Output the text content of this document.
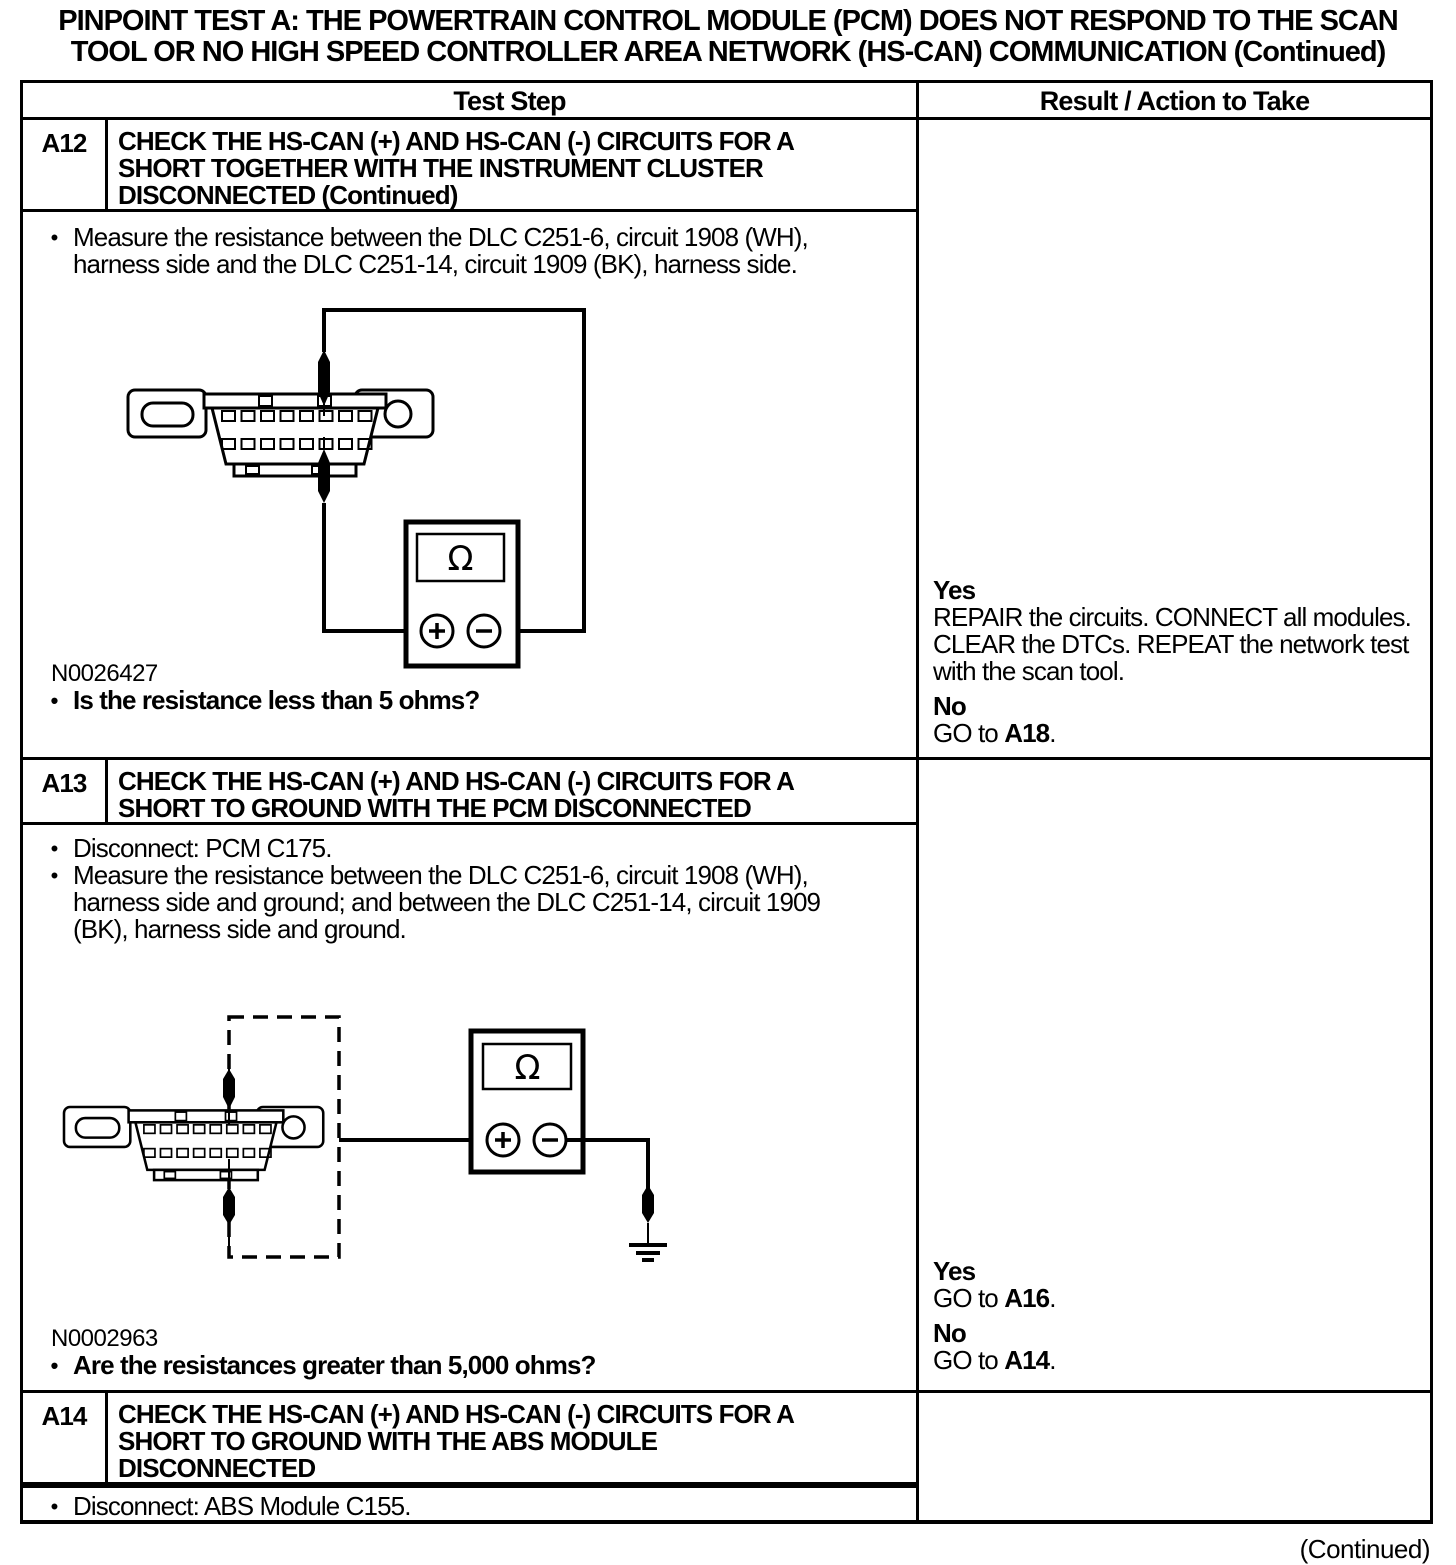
PINPOINT TEST A: THE POWERTRAIN CONTROL MODULE (PCM) DOES NOT RESPOND TO THE SCAN
TOOL OR NO HIGH SPEED CONTROLLER AREA NETWORK (HS-CAN) COMMUNICATION (Continued)
Test Step		Result / Action to Take
A12	CHECK THE HS-CAN (+) AND HS-CAN (-) CIRCUITS FOR A SHORT TOGETHER WITH THE INSTRUMENT CLUSTER DISCONNECTED (Continued)	Yes
REPAIR the circuits. CONNECT all modules. CLEAR the DTCs. REPEAT the network test with the scan tool.
No
GO to A18.

• Measure the resistance between the DLC C251-6, circuit 1908 (WH), harness side and the DLC C251-14, circuit 1909 (BK), harness side.
Ω
N0026427
• Is the resistance less than 5 ohms?

A13	CHECK THE HS-CAN (+) AND HS-CAN (-) CIRCUITS FOR A SHORT TO GROUND WITH THE PCM DISCONNECTED	Yes
GO to A16.
No
GO to A14.

• Disconnect: PCM C175.
• Measure the resistance between the DLC C251-6, circuit 1908 (WH), harness side and ground; and between the DLC C251-14, circuit 1909 (BK), harness side and ground.
Ω
N0002963
• Are the resistances greater than 5,000 ohms?

A14	CHECK THE HS-CAN (+) AND HS-CAN (-) CIRCUITS FOR A SHORT TO GROUND WITH THE ABS MODULE DISCONNECTED	

• Disconnect: ABS Module C155.		
(Continued)
